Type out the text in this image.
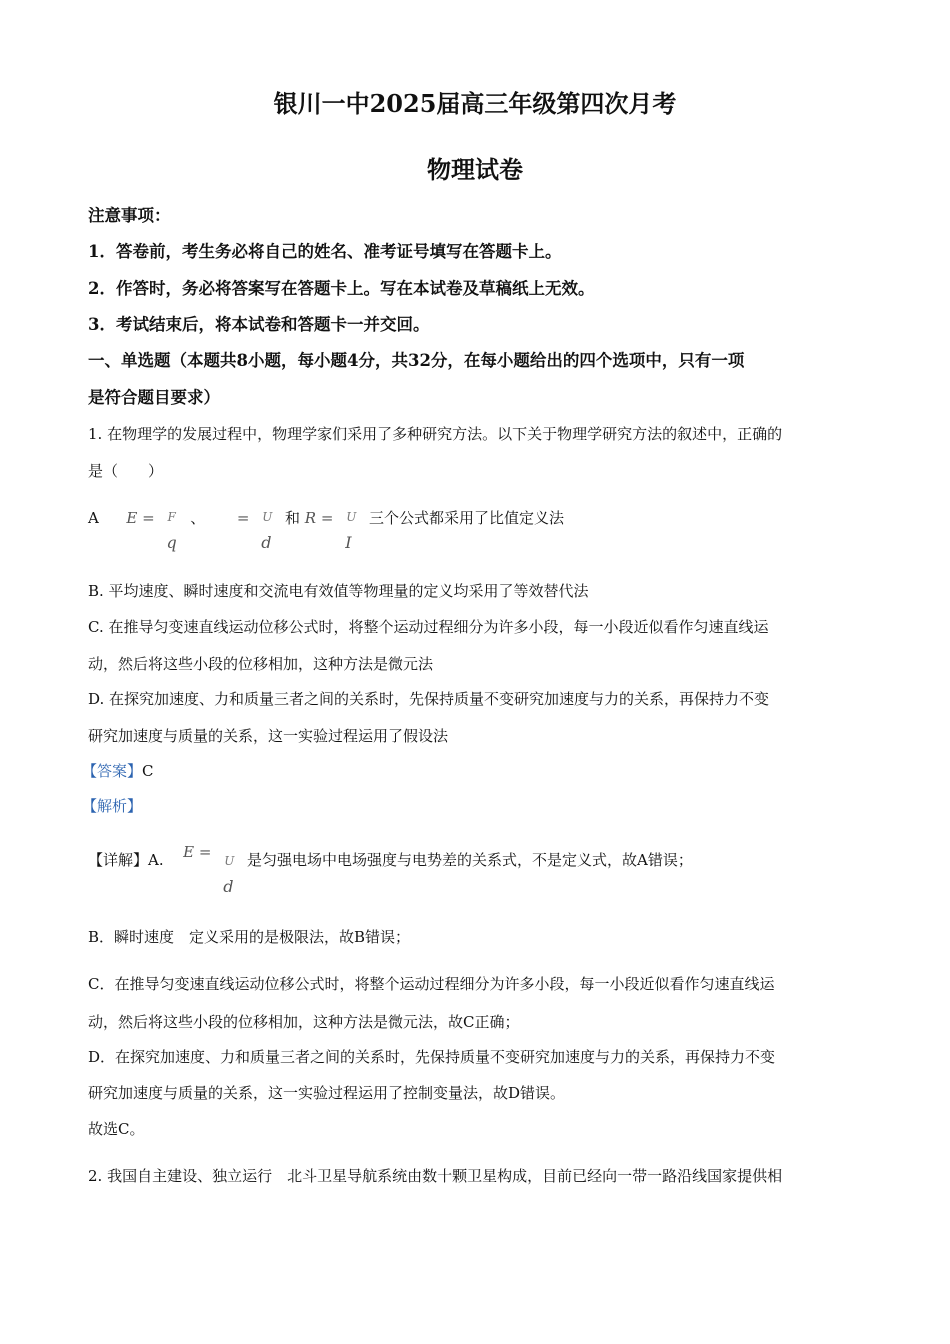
银川一中2025届高三年级第四次月考
物理试卷
注意事项：
1．答卷前，考生务必将自己的姓名、准考证号填写在答题卡上。
2．作答时，务必将答案写在答题卡上。写在本试卷及草稿纸上无效。
3．考试结束后，将本试卷和答题卡一并交回。
一、单选题（本题共8小题，每小题4分，共32分，在每小题给出的四个选项中，只有一项
是符合题目要求）
1. 在物理学的发展过程中，物理学家们采用了多种研究方法。以下关于物理学研究方法的叙述中，正确的
是（　　）
A E = F
q
、 = U
d
和 R = U
I
三个公式都采用了比值定义法
B. 平均速度、瞬时速度和交流电有效值等物理量的定义均采用了等效替代法
C. 在推导匀变速直线运动位移公式时，将整个运动过程细分为许多小段，每一小段近似看作匀速直线运
动，然后将这些小段的位移相加，这种方法是微元法
D. 在探究加速度、力和质量三者之间的关系时，先保持质量不变研究加速度与力的关系，再保持力不变
研究加速度与质量的关系，这一实验过程运用了假设法
【答案】C
【解析】
【详解】A. E = U
d
是匀强电场中电场强度与电势差的关系式，不是定义式，故A错误；
B．瞬时速度　定义采用的是极限法，故B错误；
C．在推导匀变速直线运动位移公式时，将整个运动过程细分为许多小段，每一小段近似看作匀速直线运
动，然后将这些小段的位移相加，这种方法是微元法，故C正确；
D．在探究加速度、力和质量三者之间的关系时，先保持质量不变研究加速度与力的关系，再保持力不变
研究加速度与质量的关系，这一实验过程运用了控制变量法，故D错误。
故选C。
2. 我国自主建设、独立运行　北斗卫星导航系统由数十颗卫星构成，目前已经向一带一路沿线国家提供相
